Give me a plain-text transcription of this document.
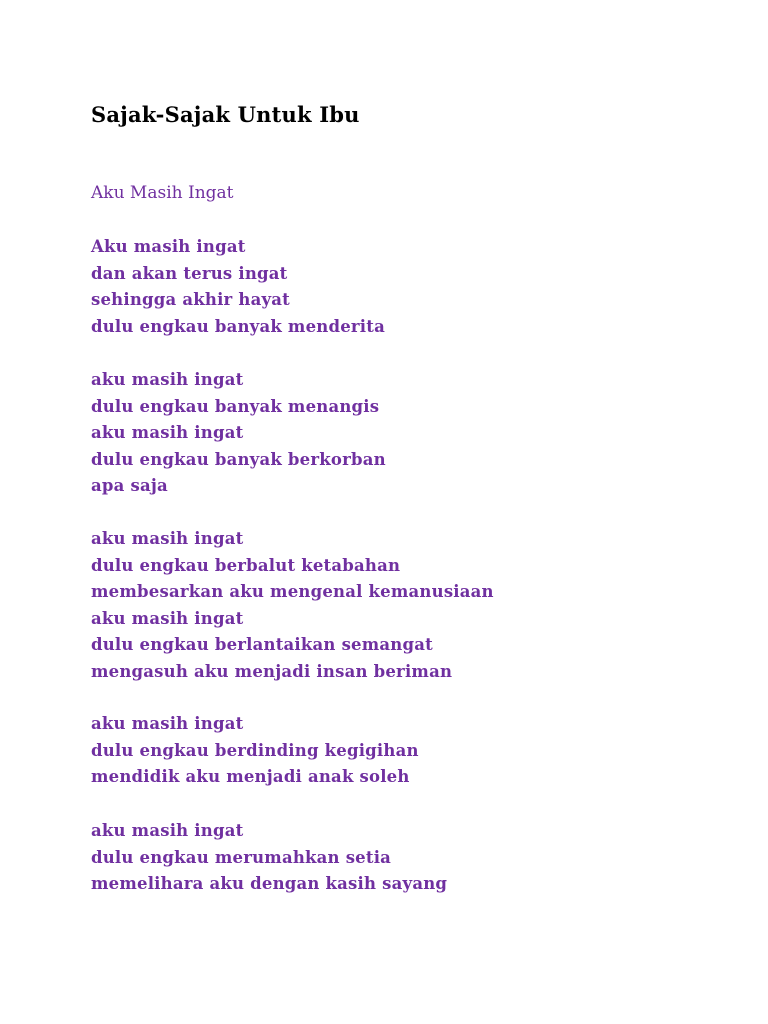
Sajak-Sajak Untuk Ibu
Aku Masih Ingat
Aku masih ingat
dan akan terus ingat
sehingga akhir hayat
dulu engkau banyak menderita
aku masih ingat
dulu engkau banyak menangis
aku masih ingat
dulu engkau banyak berkorban
apa saja
aku masih ingat
dulu engkau berbalut ketabahan
membesarkan aku mengenal kemanusiaan
aku masih ingat
dulu engkau berlantaikan semangat
mengasuh aku menjadi insan beriman
aku masih ingat
dulu engkau berdinding kegigihan
mendidik aku menjadi anak soleh
aku masih ingat
dulu engkau merumahkan setia
memelihara aku dengan kasih sayang
